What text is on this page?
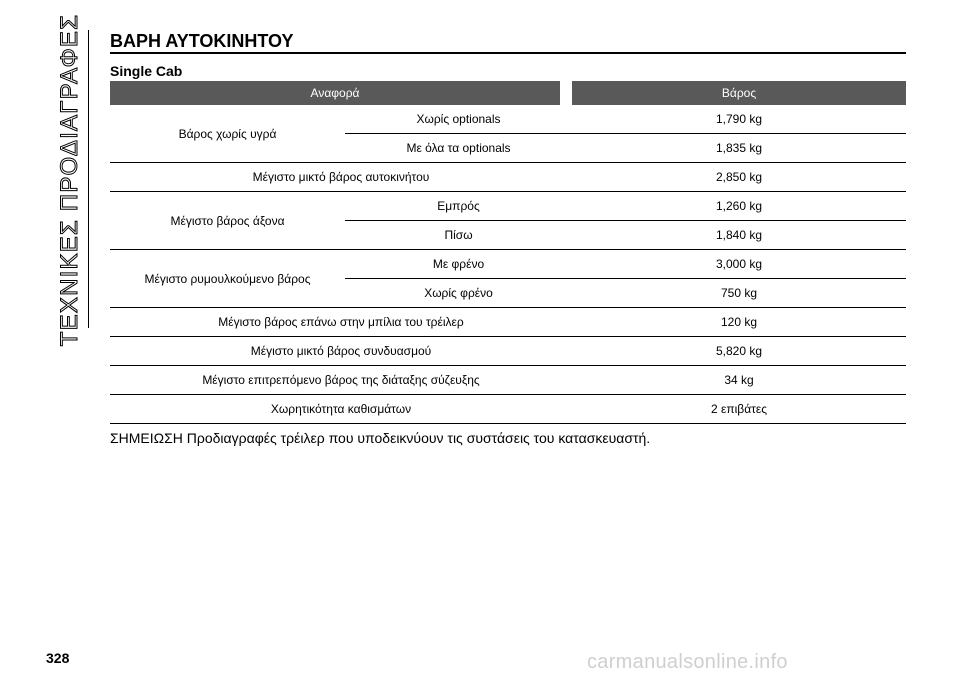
ΤΕΧΝΙΚΕΣ ΠΡΟΔΙΑΓΡΑΦΕΣ ΒΑΡΗ ΑΥΤΟΚΙΝΗΤΟΥ
Single Cab
Αναφορά			Βάρος
Βάρος χωρίς υγρά	Χωρίς optionals		1,790 kg
	Με όλα τα optionals		1,835 kg
Μέγιστο μικτό βάρος αυτοκινήτου			2,850 kg
Μέγιστο βάρος άξονα	Εμπρός		1,260 kg
	Πίσω		1,840 kg
Μέγιστο ρυμουλκούμενο βάρος	Με φρένο		3,000 kg
	Χωρίς φρένο		750 kg
Μέγιστο βάρος επάνω στην μπίλια του τρέιλερ			120 kg
Μέγιστο μικτό βάρος συνδυασμού			5,820 kg
Μέγιστο επιτρεπόμενο βάρος της διάταξης σύζευξης			34 kg
Χωρητικότητα καθισμάτων			2 επιβάτες
ΣΗΜΕΙΩΣΗ Προδιαγραφές τρέιλερ που υποδεικνύουν τις συστάσεις του κατασκευαστή.
328	carmanualsonline.info
